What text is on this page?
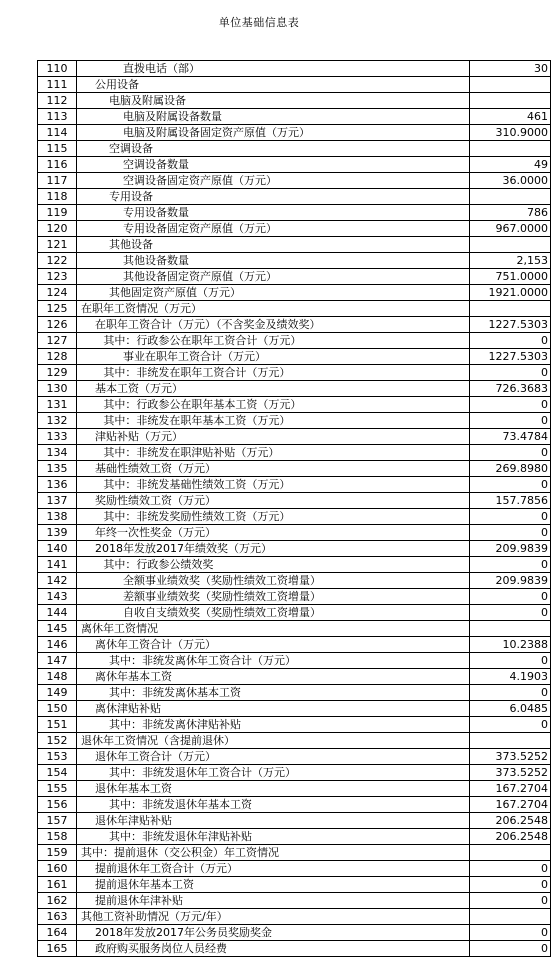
单位基础信息表
110	直拨电话（部）	30
111	公用设备	
112	电脑及附属设备	
113	电脑及附属设备数量	461
114	电脑及附属设备固定资产原值（万元）	310.9000
115	空调设备	
116	空调设备数量	49
117	空调设备固定资产原值（万元）	36.0000
118	专用设备	
119	专用设备数量	786
120	专用设备固定资产原值（万元）	967.0000
121	其他设备	
122	其他设备数量	2,153
123	其他设备固定资产原值（万元）	751.0000
124	其他固定资产原值（万元）	1921.0000
125	在职年工资情况（万元）	
126	在职年工资合计（万元）（不含奖金及绩效奖）	1227.5303
127	其中：行政参公在职年工资合计（万元）	0
128	事业在职年工资合计（万元）	1227.5303
129	其中：非统发在职年工资合计（万元）	0
130	基本工资（万元）	726.3683
131	其中：行政参公在职年基本工资（万元）	0
132	其中：非统发在职年基本工资（万元）	0
133	津贴补贴（万元）	73.4784
134	其中：非统发在职津贴补贴（万元）	0
135	基础性绩效工资（万元）	269.8980
136	其中：非统发基础性绩效工资（万元）	0
137	奖励性绩效工资（万元）	157.7856
138	其中：非统发奖励性绩效工资（万元）	0
139	年终一次性奖金（万元）	0
140	2018年发放2017年绩效奖（万元）	209.9839
141	其中：行政参公绩效奖	0
142	全额事业绩效奖（奖励性绩效工资增量）	209.9839
143	差额事业绩效奖（奖励性绩效工资增量）	0
144	自收自支绩效奖（奖励性绩效工资增量）	0
145	离休年工资情况	
146	离休年工资合计（万元）	10.2388
147	其中：非统发离休年工资合计（万元）	0
148	离休年基本工资	4.1903
149	其中：非统发离休基本工资	0
150	离休津贴补贴	6.0485
151	其中：非统发离休津贴补贴	0
152	退休年工资情况（含提前退休）	
153	退休年工资合计（万元）	373.5252
154	其中：非统发退休年工资合计（万元）	373.5252
155	退休年基本工资	167.2704
156	其中：非统发退休年基本工资	167.2704
157	退休年津贴补贴	206.2548
158	其中：非统发退休年津贴补贴	206.2548
159	其中：提前退休（交公积金）年工资情况	
160	提前退休年工资合计（万元）	0
161	提前退休年基本工资	0
162	提前退休年津补贴	0
163	其他工资补助情况（万元/年）	
164	2018年发放2017年公务员奖励奖金	0
165	政府购买服务岗位人员经费	0
